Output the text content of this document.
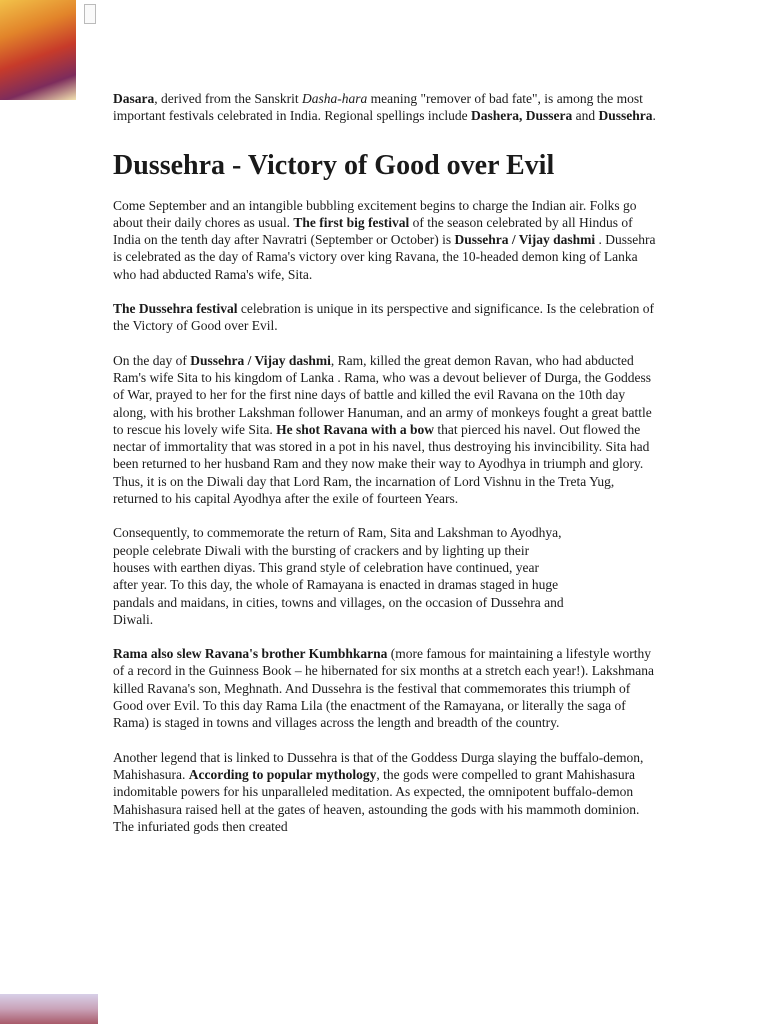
Dasara, derived from the Sanskrit Dasha-hara meaning "remover of bad fate", is among the most important festivals celebrated in India. Regional spellings include Dashera, Dussera and Dussehra.

Dussehra - Victory of Good over Evil

Come September and an intangible bubbling excitement begins to charge the Indian air. Folks go about their daily chores as usual. The first big festival of the season celebrated by all Hindus of India on the tenth day after Navratri (September or October) is Dussehra / Vijay dashmi . Dussehra is celebrated as the day of Rama's victory over king Ravana, the 10-headed demon king of Lanka who had abducted Rama's wife, Sita.

The Dussehra festival celebration is unique in its perspective and significance. Is the celebration of the Victory of Good over Evil.

On the day of Dussehra / Vijay dashmi, Ram, killed the great demon Ravan, who had abducted Ram's wife Sita to his kingdom of Lanka . Rama, who was a devout believer of Durga, the Goddess of War, prayed to her for the first nine days of battle and killed the evil Ravana on the 10th day along, with his brother Lakshman follower Hanuman, and an army of monkeys fought a great battle to rescue his lovely wife Sita. He shot Ravana with a bow that pierced his navel. Out flowed the nectar of immortality that was stored in a pot in his navel, thus destroying his invincibility. Sita had been returned to her husband Ram and they now make their way to Ayodhya in triumph and glory. Thus, it is on the Diwali day that Lord Ram, the incarnation of Lord Vishnu in the Treta Yug, returned to his capital Ayodhya after the exile of fourteen Years.

Consequently, to commemorate the return of Ram, Sita and Lakshman to Ayodhya, people celebrate Diwali with the bursting of crackers and by lighting up their houses with earthen diyas. This grand style of celebration have continued, year after year. To this day, the whole of Ramayana is enacted in dramas staged in huge pandals and maidans, in cities, towns and villages, on the occasion of Dussehra and Diwali.

Rama also slew Ravana's brother Kumbhkarna (more famous for maintaining a lifestyle worthy of a record in the Guinness Book – he hibernated for six months at a stretch each year!). Lakshmana killed Ravana's son, Meghnath. And Dussehra is the festival that commemorates this triumph of Good over Evil. To this day Rama Lila (the enactment of the Ramayana, or literally the saga of Rama) is staged in towns and villages across the length and breadth of the country.

Another legend that is linked to Dussehra is that of the Goddess Durga slaying the buffalo-demon, Mahishasura. According to popular mythology, the gods were compelled to grant Mahishasura indomitable powers for his unparalleled meditation. As expected, the omnipotent buffalo-demon Mahishasura raised hell at the gates of heaven, astounding the gods with his mammoth dominion. The infuriated gods then created
